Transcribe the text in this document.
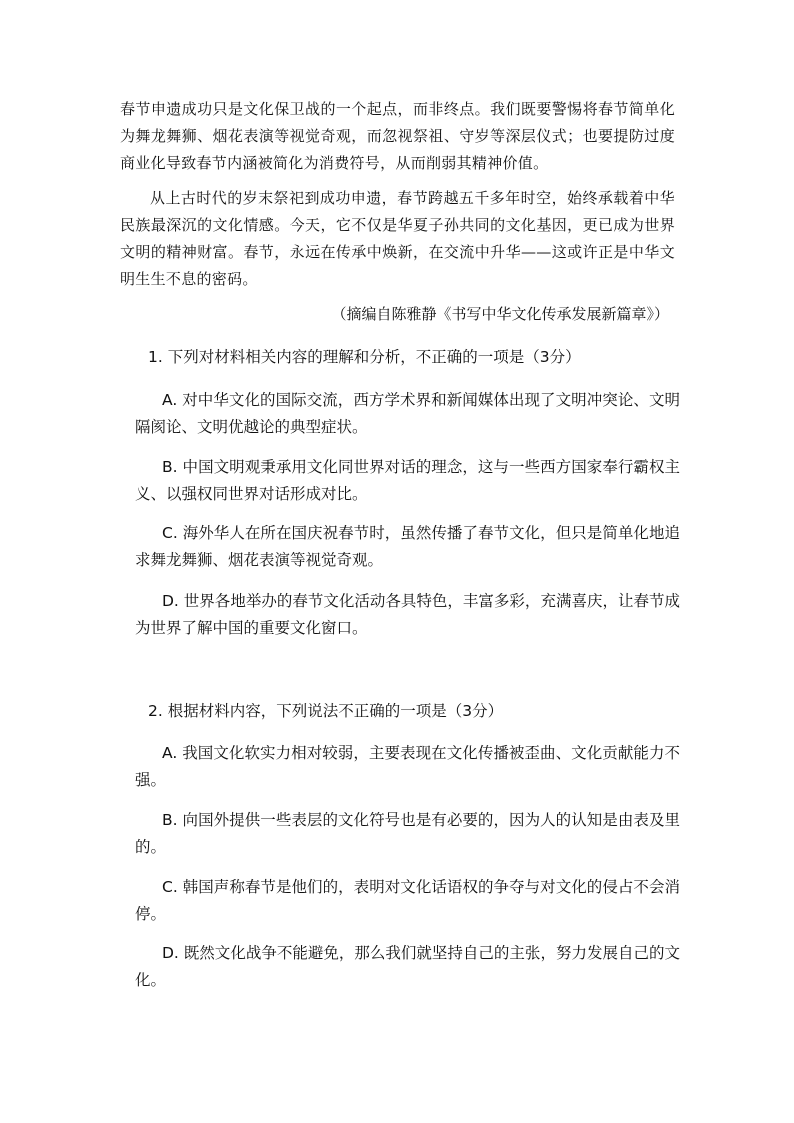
春节申遗成功只是文化保卫战的一个起点，而非终点。我们既要警惕将春节简单化为舞龙舞狮、烟花表演等视觉奇观，而忽视祭祖、守岁等深层仪式；也要提防过度商业化导致春节内涵被简化为消费符号，从而削弱其精神价值。

从上古时代的岁末祭祀到成功申遗，春节跨越五千多年时空，始终承载着中华民族最深沉的文化情感。今天，它不仅是华夏子孙共同的文化基因，更已成为世界文明的精神财富。春节，永远在传承中焕新，在交流中升华——这或许正是中华文明生生不息的密码。

（摘编自陈雅静《书写中华文化传承发展新篇章》）

1. 下列对材料相关内容的理解和分析，不正确的一项是（3分）

A. 对中华文化的国际交流，西方学术界和新闻媒体出现了文明冲突论、文明隔阂论、文明优越论的典型症状。

B. 中国文明观秉承用文化同世界对话的理念，这与一些西方国家奉行霸权主义、以强权同世界对话形成对比。

C. 海外华人在所在国庆祝春节时，虽然传播了春节文化，但只是简单化地追求舞龙舞狮、烟花表演等视觉奇观。

D. 世界各地举办的春节文化活动各具特色，丰富多彩，充满喜庆，让春节成为世界了解中国的重要文化窗口。

2. 根据材料内容，下列说法不正确的一项是（3分）

A. 我国文化软实力相对较弱，主要表现在文化传播被歪曲、文化贡献能力不强。

B. 向国外提供一些表层的文化符号也是有必要的，因为人的认知是由表及里的。

C. 韩国声称春节是他们的，表明对文化话语权的争夺与对文化的侵占不会消停。

D. 既然文化战争不能避免，那么我们就坚持自己的主张，努力发展自己的文化。
